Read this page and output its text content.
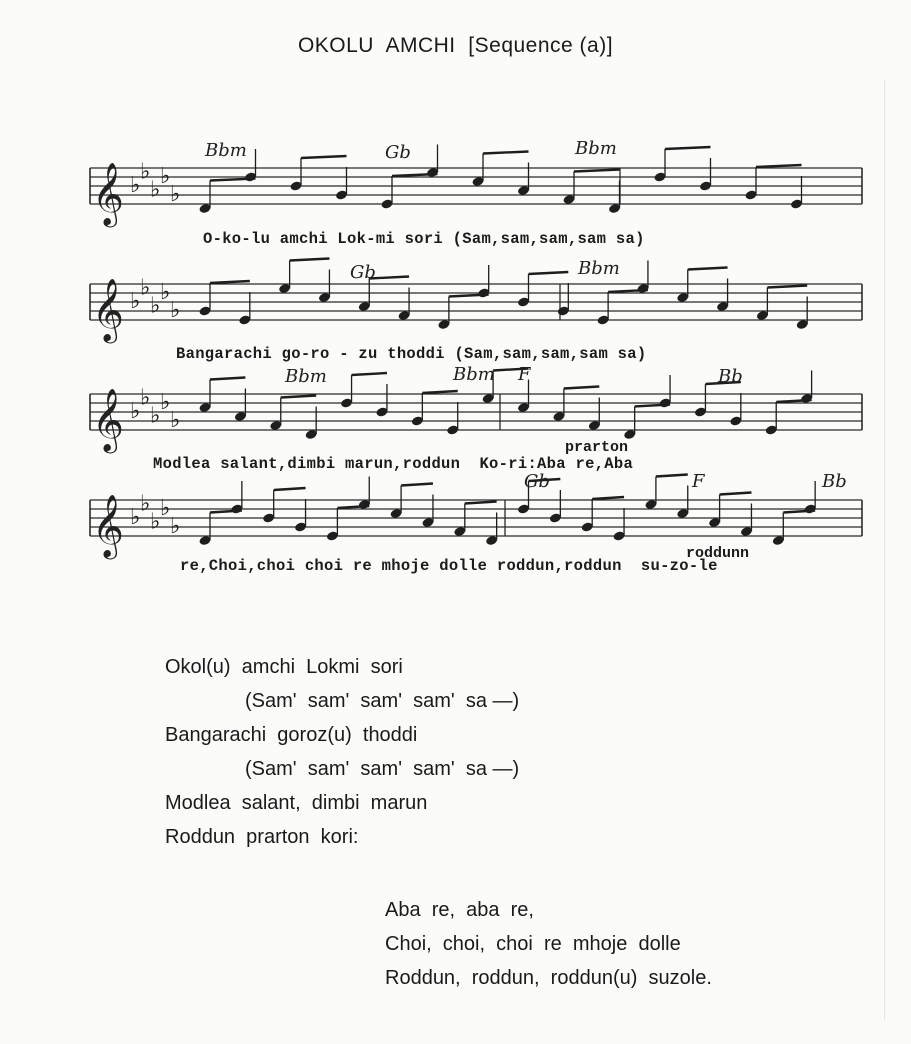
OKOLU  AMCHI  [Sequence (a)]
𝄞 ♭
♭
♭
♭
♭
𝄞 ♭
♭
♭
♭
♭
𝄞 ♭
♭
♭
♭
♭
𝄞 ♭
♭
♭
♭
♭
Bbm	Gb	Bbm
O-ko-lu amchi Lok-mi sori (Sam,sam,sam,sam sa)
Gb	Bbm
Bangarachi go-ro - zu thoddi (Sam,sam,sam,sam sa)
Bbm	Bbm F	Bb
prarton
Modlea salant,dimbi marun,roddun  Ko-ri:Aba re,Aba
Gb	F	Bb
roddunn
re,Choi,choi choi re mhoje dolle roddun,roddun  su-zo-le
Okol(u)  amchi  Lokmi  sori
(Sam'  sam'  sam'  sam'  sa —)
Bangarachi  goroz(u)  thoddi
(Sam'  sam'  sam'  sam'  sa —)
Modlea  salant,  dimbi  marun
Roddun  prarton  kori:
Aba  re,  aba  re,
Choi,  choi,  choi  re  mhoje  dolle
Roddun,  roddun,  roddun(u)  suzole.
